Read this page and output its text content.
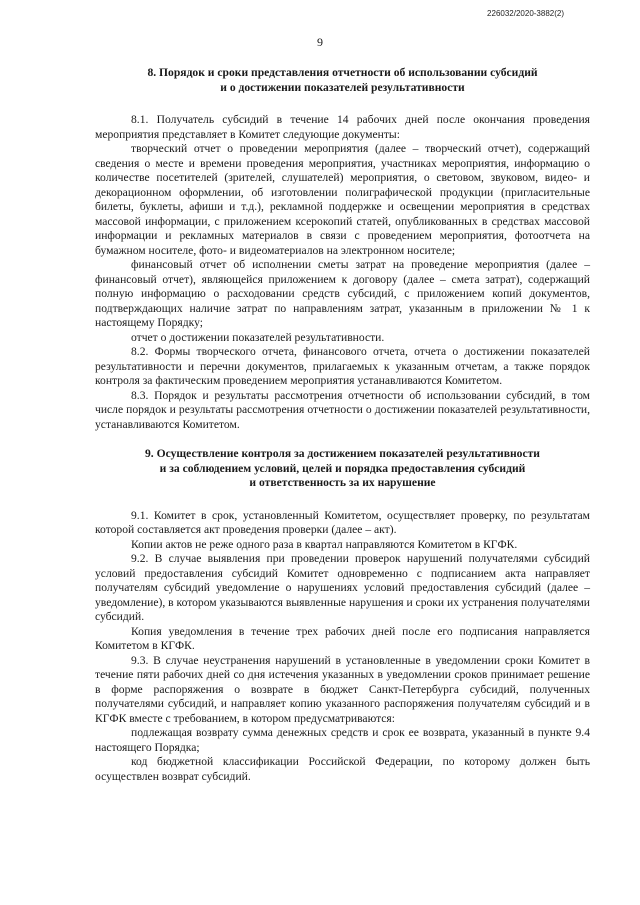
226032/2020-3882(2)
9
8. Порядок и сроки представления отчетности об использовании субсидий
и о достижении показателей результативности

8.1. Получатель субсидий в течение 14 рабочих дней после окончания проведения мероприятия представляет в Комитет следующие документы:

творческий отчет о проведении мероприятия (далее – творческий отчет), содержащий сведения о месте и времени проведения мероприятия, участниках мероприятия, информацию о количестве посетителей (зрителей, слушателей) мероприятия, о световом, звуковом, видео- и декорационном оформлении, об изготовлении полиграфической продукции (пригласительные билеты, буклеты, афиши и т.д.), рекламной поддержке и освещении мероприятия в средствах массовой информации, с приложением ксерокопий статей, опубликованных в средствах массовой информации и рекламных материалов в связи с проведением мероприятия, фотоотчета на бумажном носителе, фото- и видеоматериалов на электронном носителе;

финансовый отчет об исполнении сметы затрат на проведение мероприятия (далее – финансовый отчет), являющейся приложением к договору (далее – смета затрат), содержащий полную информацию о расходовании средств субсидий, с приложением копий документов, подтверждающих наличие затрат по направлениям затрат, указанным в приложении № 1 к настоящему Порядку;

отчет о достижении показателей результативности.

8.2. Формы творческого отчета, финансового отчета, отчета о достижении показателей результативности и перечни документов, прилагаемых к указанным отчетам, а также порядок контроля за фактическим проведением мероприятия устанавливаются Комитетом.

8.3. Порядок и результаты рассмотрения отчетности об использовании субсидий, в том числе порядок и результаты рассмотрения отчетности о достижении показателей результативности, устанавливаются Комитетом.

9. Осуществление контроля за достижением показателей результативности
и за соблюдением условий, целей и порядка предоставления субсидий
и ответственность за их нарушение

9.1. Комитет в срок, установленный Комитетом, осуществляет проверку, по результатам которой составляется акт проведения проверки (далее – акт).

Копии актов не реже одного раза в квартал направляются Комитетом в КГФК.

9.2. В случае выявления при проведении проверок нарушений получателями субсидий условий предоставления субсидий Комитет одновременно с подписанием акта направляет получателям субсидий уведомление о нарушениях условий предоставления субсидий (далее – уведомление), в котором указываются выявленные нарушения и сроки их устранения получателями субсидий.

Копия уведомления в течение трех рабочих дней после его подписания направляется Комитетом в КГФК.

9.3. В случае неустранения нарушений в установленные в уведомлении сроки Комитет в течение пяти рабочих дней со дня истечения указанных в уведомлении сроков принимает решение в форме распоряжения о возврате в бюджет Санкт-Петербурга субсидий, полученных получателями субсидий, и направляет копию указанного распоряжения получателям субсидий и в КГФК вместе с требованием, в котором предусматриваются:

подлежащая возврату сумма денежных средств и срок ее возврата, указанный в пункте 9.4 настоящего Порядка;

код бюджетной классификации Российской Федерации, по которому должен быть осуществлен возврат субсидий.
